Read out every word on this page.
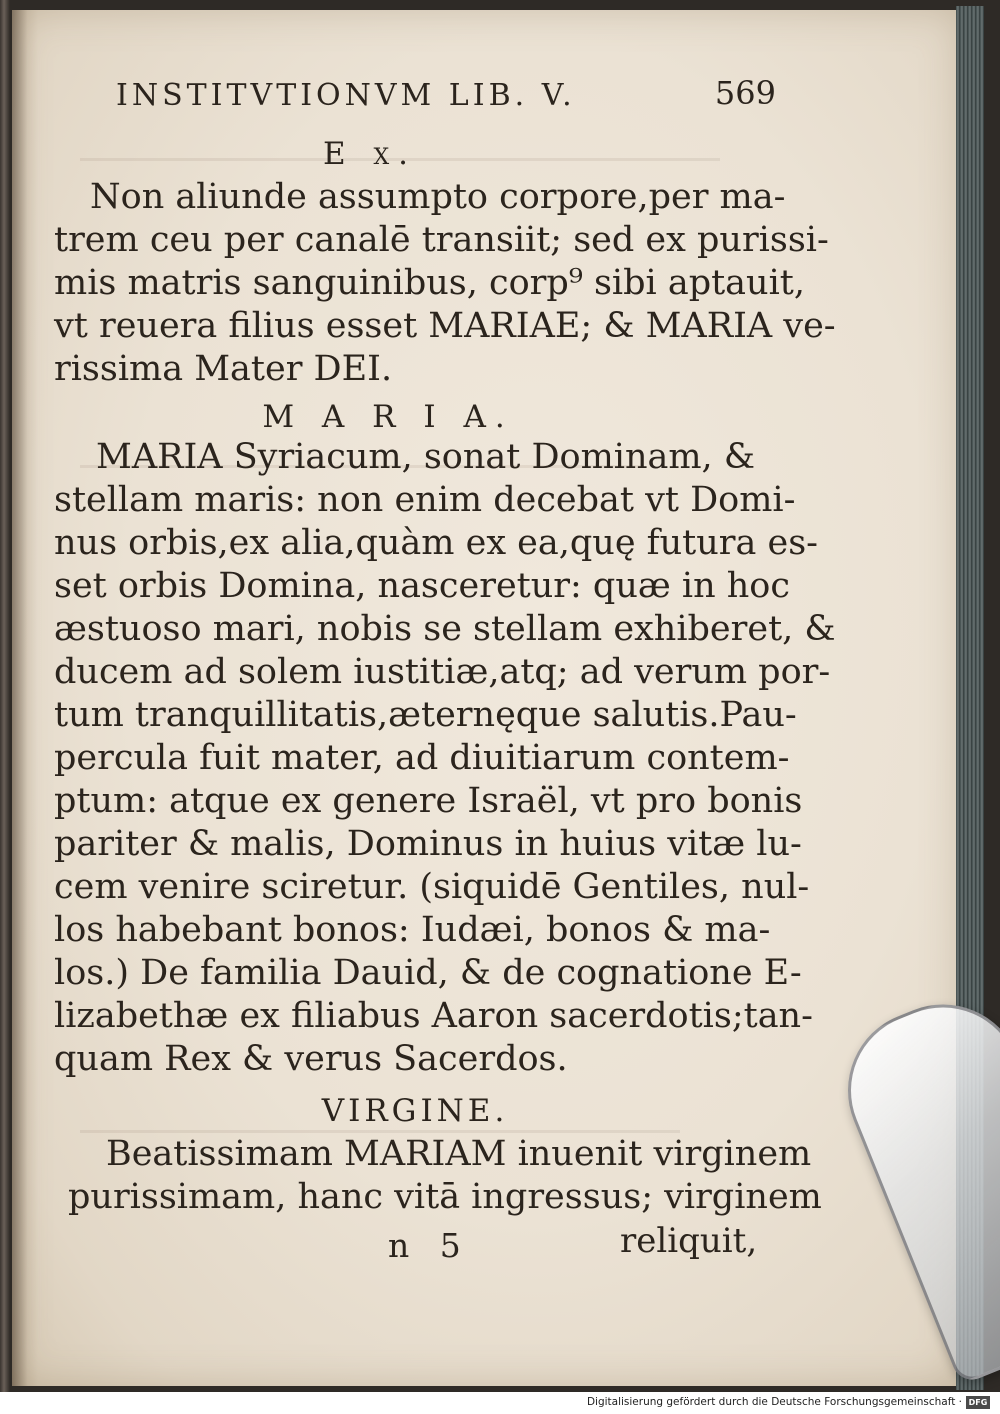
INSTITVTIONVM LIB. V.	569
E x.
Non aliunde assumpto corpore,per ma-
trem ceu per canalē transiit; sed ex purissi-
mis matris sanguinibus, corp⁹ sibi aptauit,
vt reuera filius esset MARIAE; & MARIA ve-
rissima Mater DEI.
M A R I A.
MARIA Syriacum, sonat Dominam, &
stellam maris: non enim decebat vt Domi-
nus orbis,ex alia,quàm ex ea,quę futura es-
set orbis Domina, nasceretur: quæ in hoc
æstuoso mari, nobis se stellam exhiberet, &
ducem ad solem iustitiæ,atq; ad verum por-
tum tranquillitatis,æternęque salutis.Pau-
percula fuit mater, ad diuitiarum contem-
ptum: atque ex genere Israël, vt pro bonis
pariter & malis, Dominus in huius vitæ lu-
cem venire sciretur. (siquidē Gentiles, nul-
los habebant bonos: Iudæi, bonos & ma-
los.) De familia Dauid, & de cognatione E-
lizabethæ ex filiabus Aaron sacerdotis;tan-
quam Rex & verus Sacerdos.
VIRGINE.
Beatissimam MARIAM inuenit virginem
purissimam, hanc vitā ingressus; virginem
n 5	reliquit,
Digitalisierung gefördert durch die Deutsche Forschungsgemeinschaft · DFG
